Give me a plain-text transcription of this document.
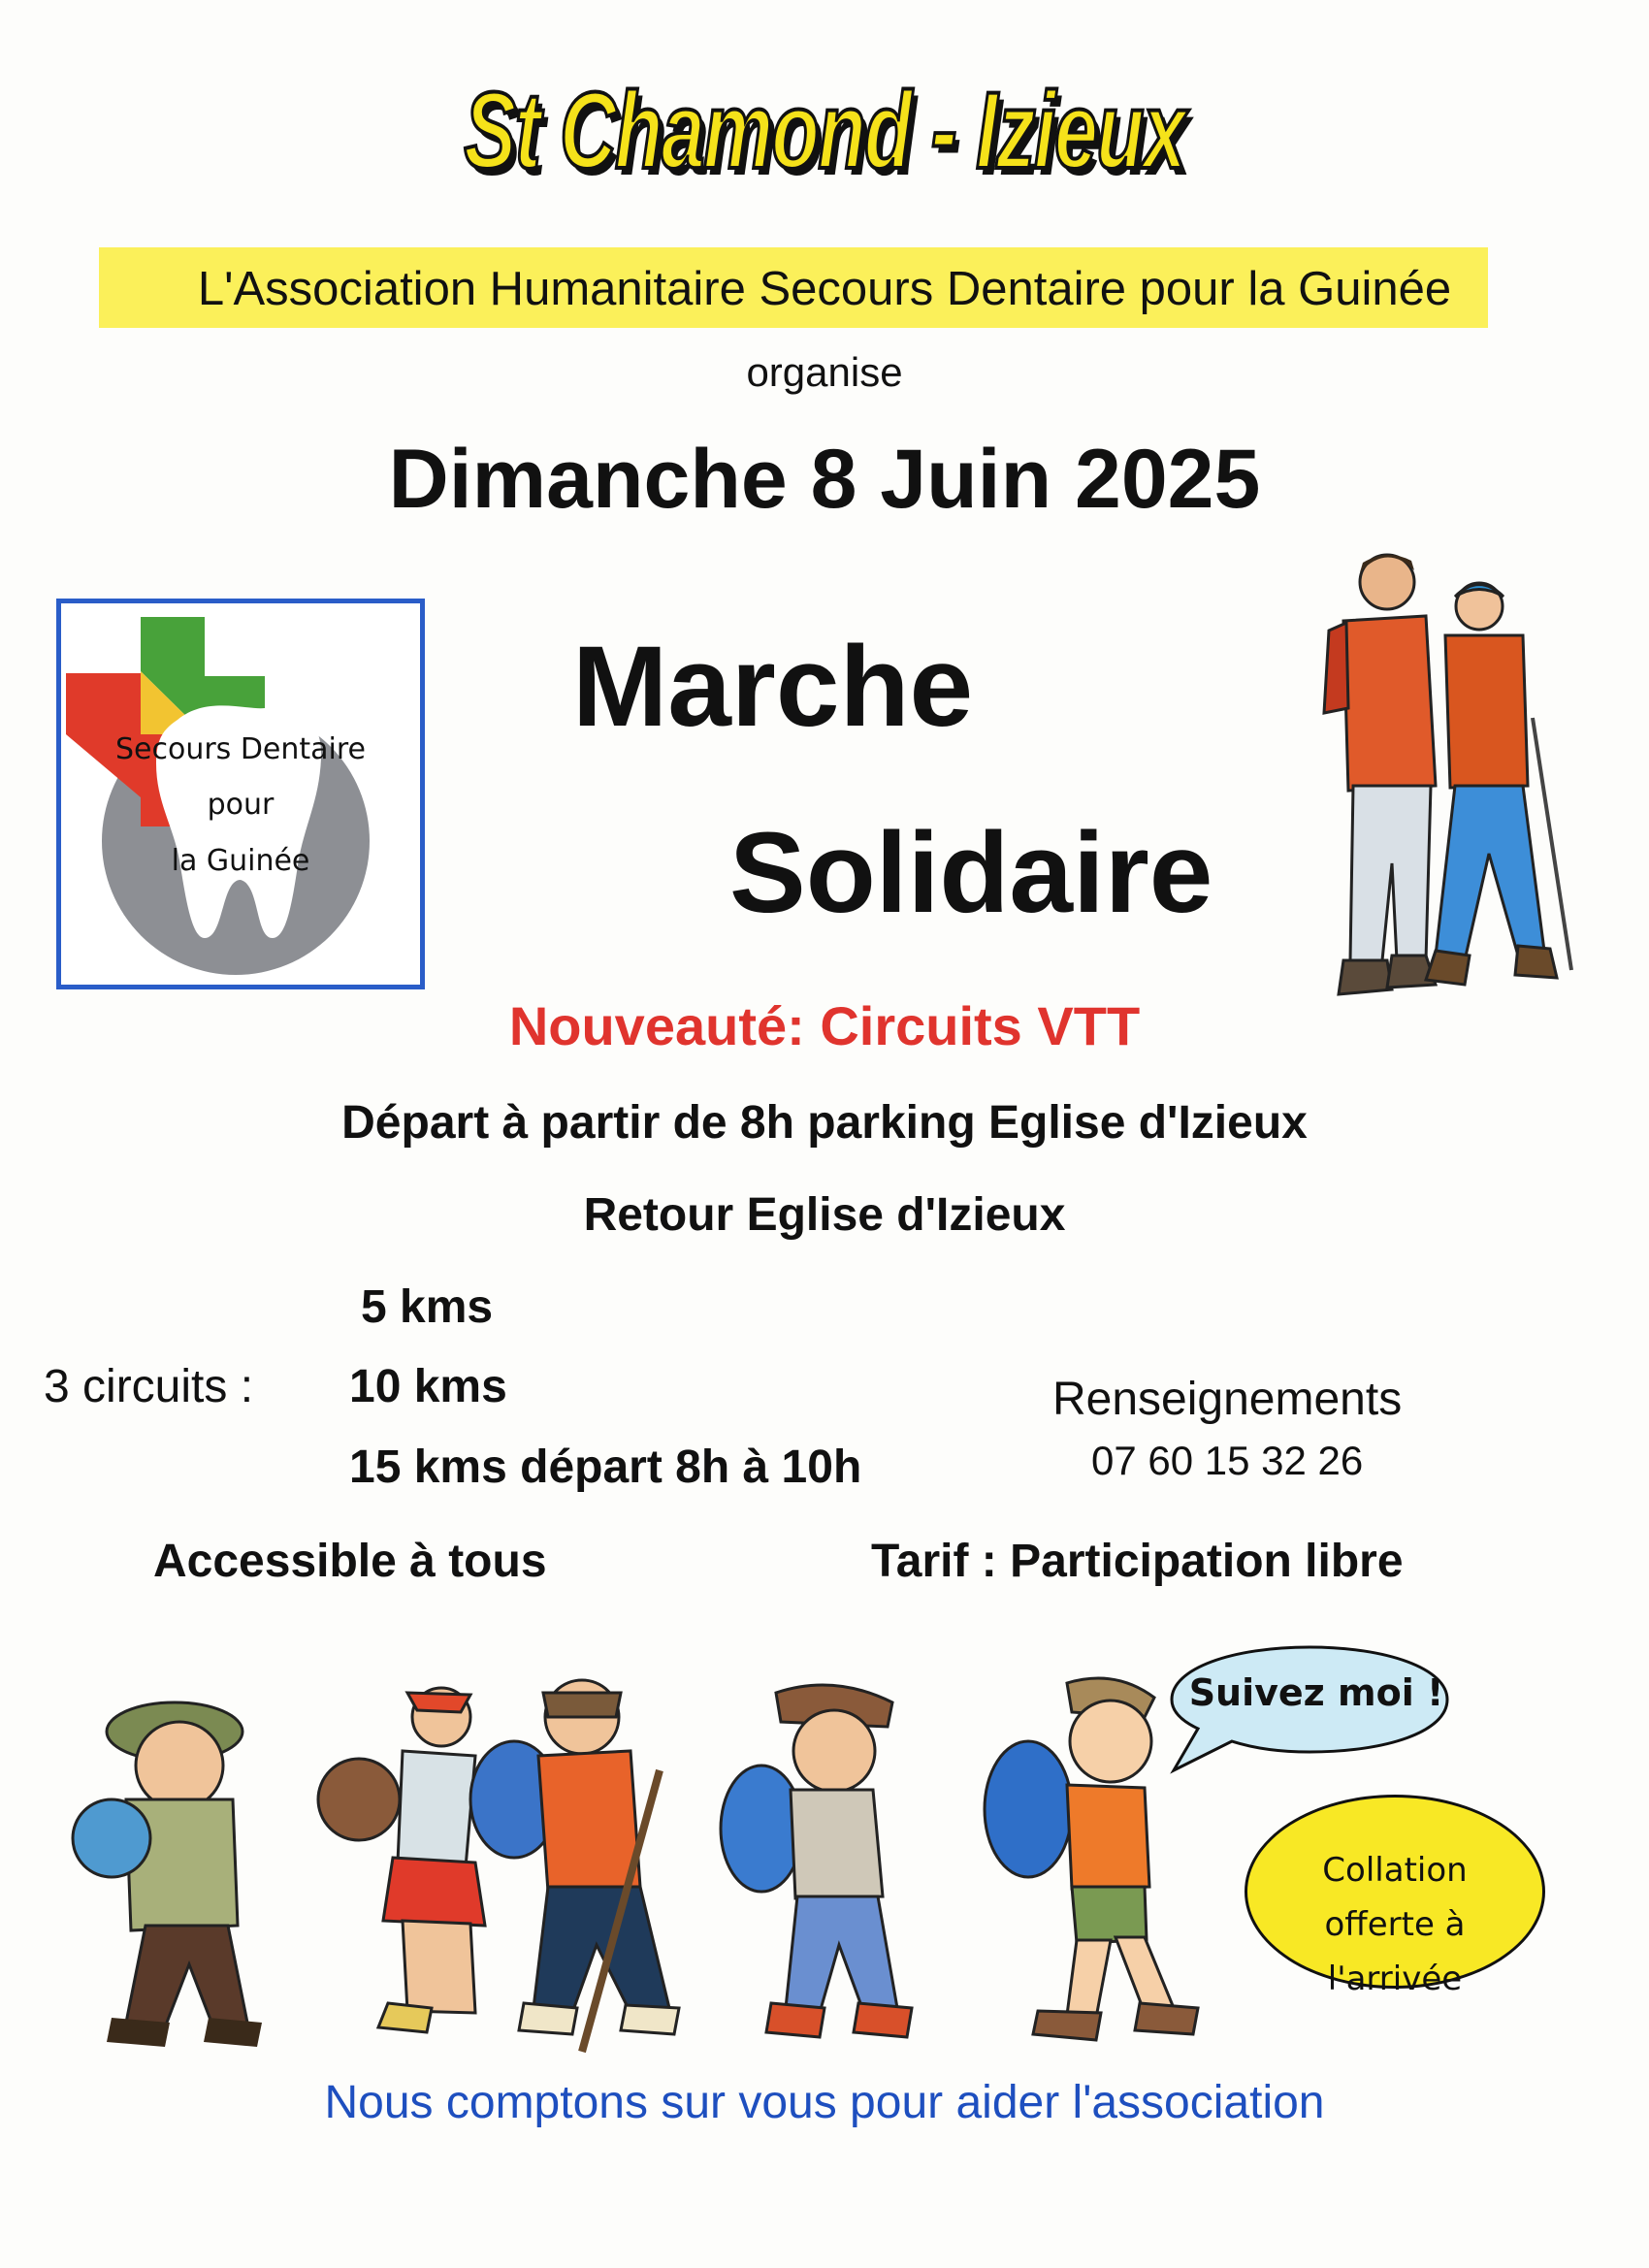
St Chamond - Izieux
L'Association Humanitaire Secours Dentaire pour la Guinée
organise
Dimanche 8 Juin 2025
Secours Dentaire
pour
la Guinée
Marche
Solidaire
Nouveauté: Circuits VTT
Départ à partir de 8h parking Eglise d'Izieux
Retour Eglise d'Izieux
5 kms
3 circuits : 10 kms
15 kms départ 8h à 10h
Renseignements
07 60 15 32 26
Accessible à tous	Tarif : Participation libre
Suivez moi !
Collation
offerte à
l'arrivée
Nous comptons sur vous pour aider l'association
